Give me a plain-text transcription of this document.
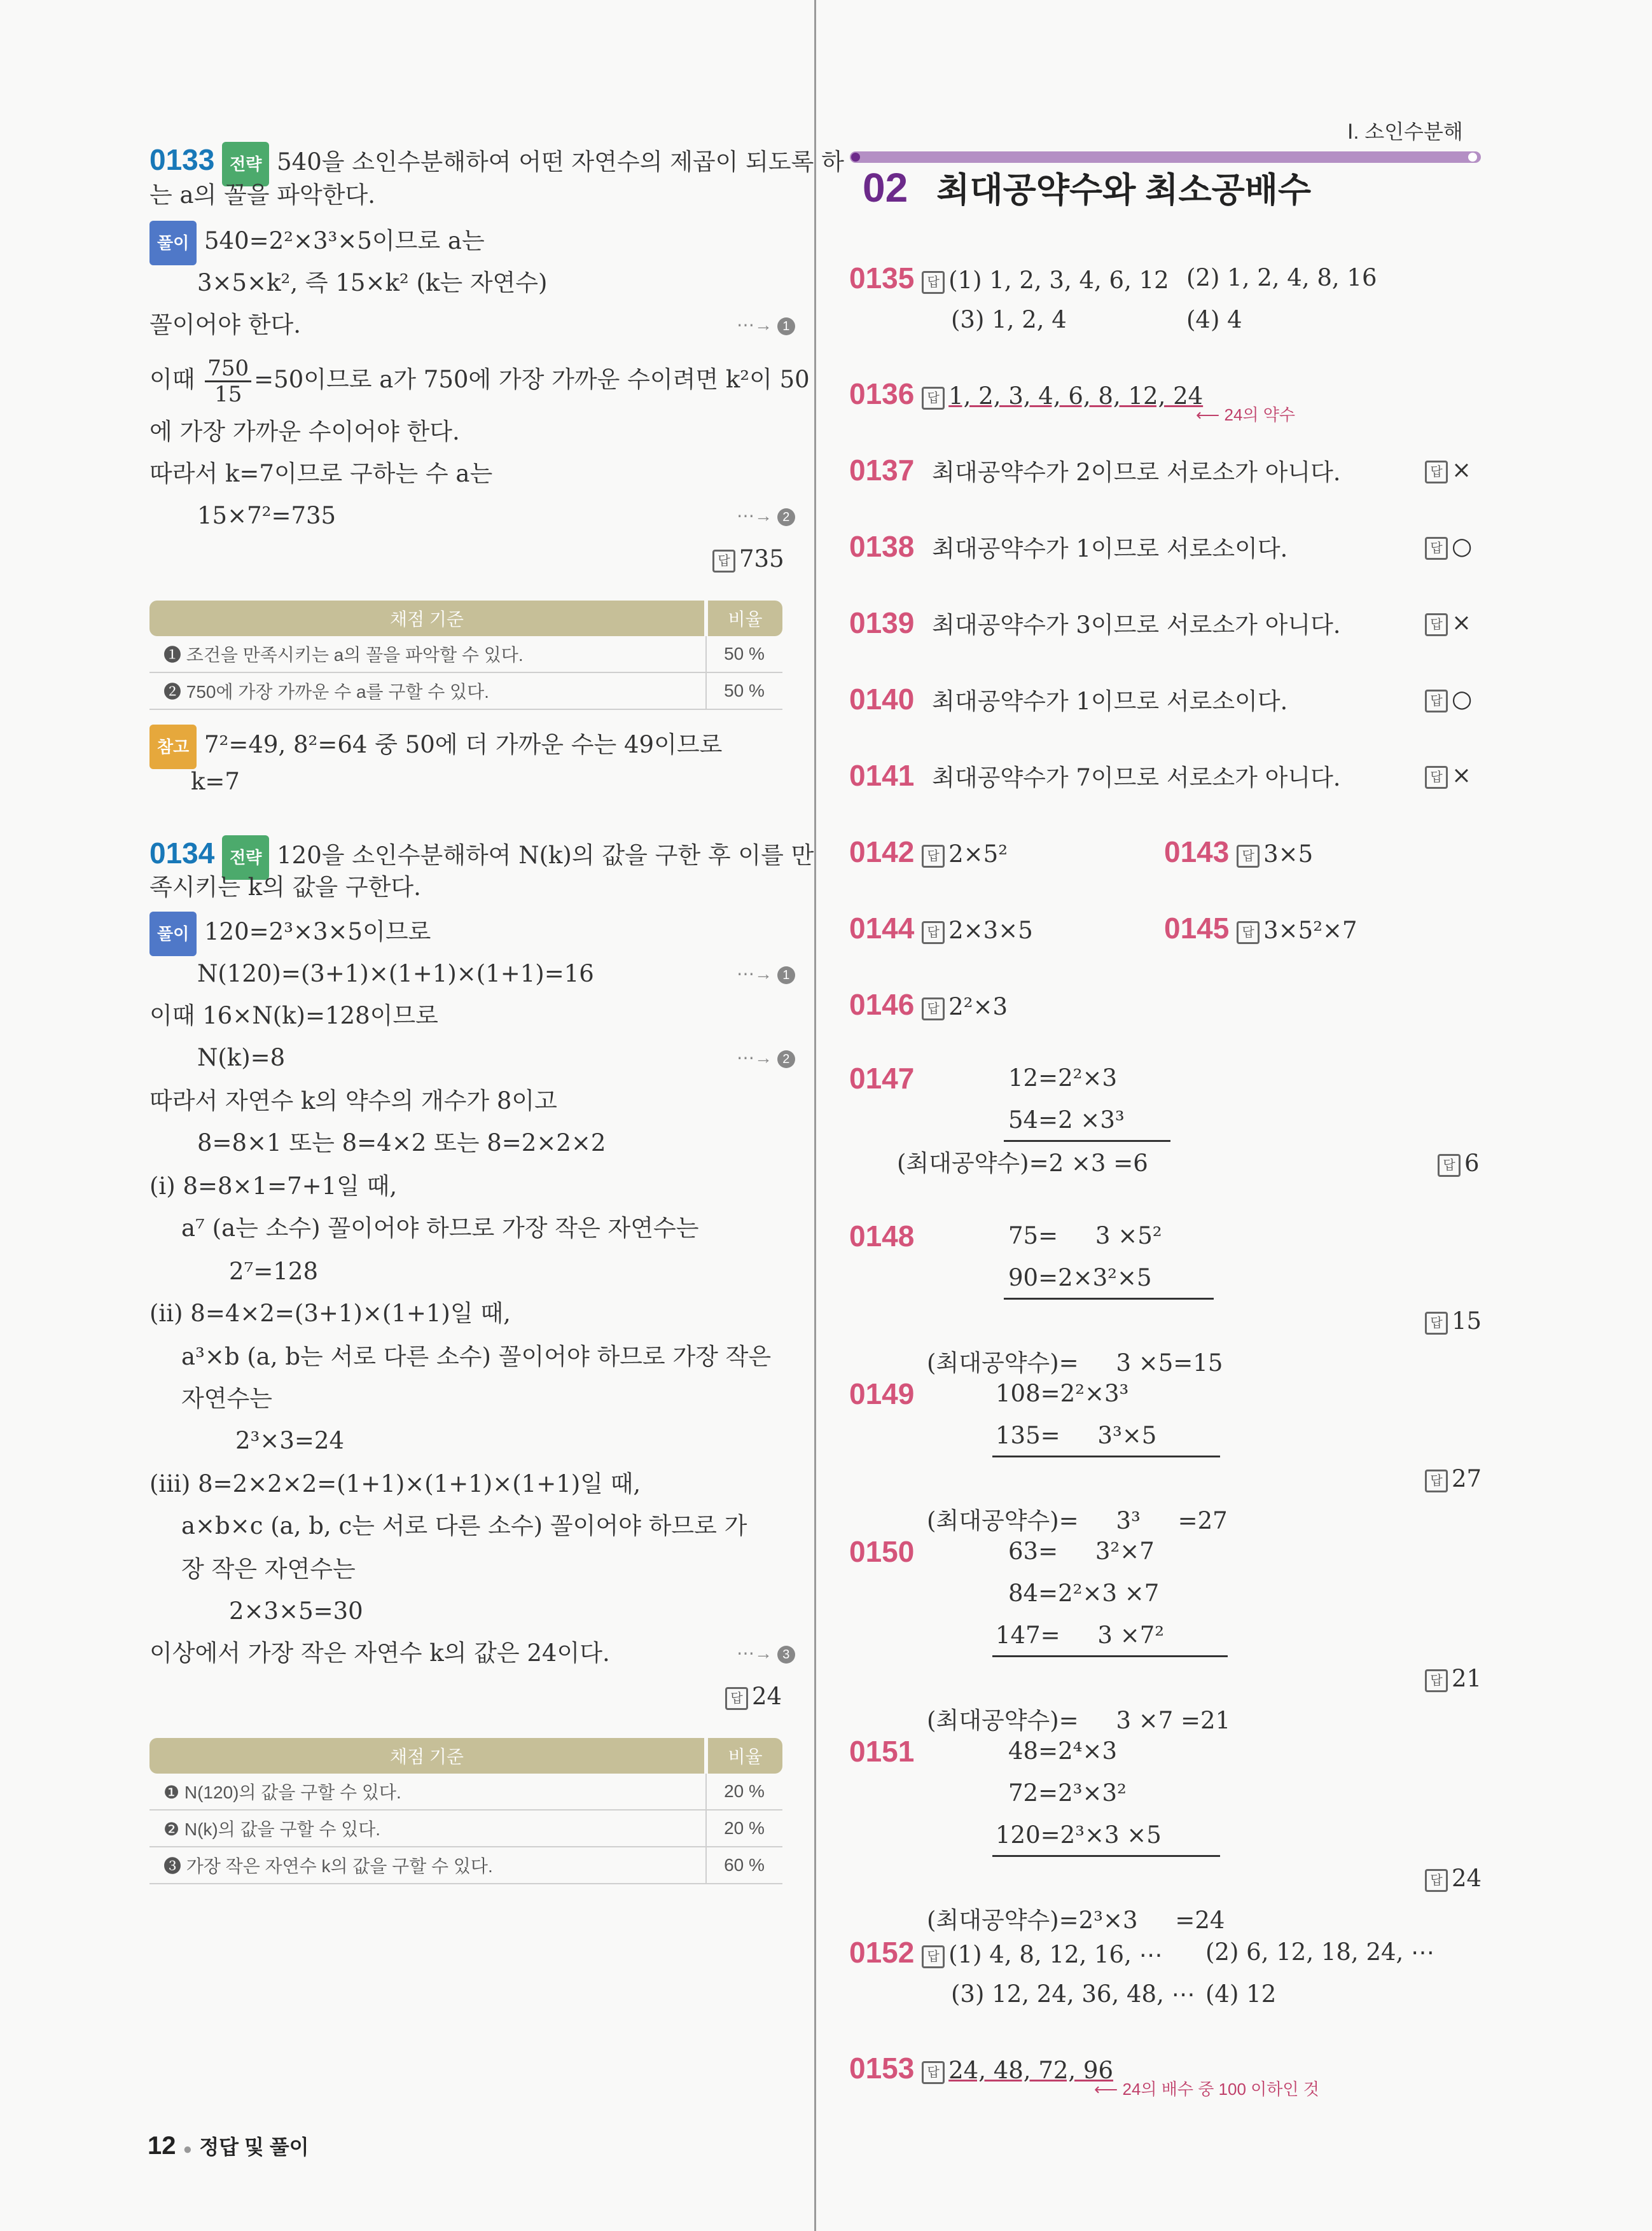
0133 전략 540을 소인수분해하여 어떤 자연수의 제곱이 되도록 하
는 a의 꼴을 파악한다.
풀이 540=2²×3³×5이므로 a는
3×5×k², 즉 15×k² (k는 자연수)
꼴이어야 한다.	⋯→ 1
이때 $\frac{750}{15} =50$이므로 a가 750에 가장 가까운 수이려면 k²이 50
에 가장 가까운 수이어야 한다.
따라서 k=7이므로 구하는 수 a는
15×7²=735	⋯→ 2
답 735
채점 기준	비율
❶ 조건을 만족시키는 a의 꼴을 파악할 수 있다.	50 %
❷ 750에 가장 가까운 수 a를 구할 수 있다.	50 %
참고 7²=49, 8²=64 중 50에 더 가까운 수는 49이므로
k=7
0134 전략 120을 소인수분해하여 N(k)의 값을 구한 후 이를 만
족시키는 k의 값을 구한다.
풀이 120=2³×3×5이므로
N(120)=(3+1)×(1+1)×(1+1)=16	⋯→ 1
이때 16×N(k)=128이므로
N(k)=8	⋯→ 2
따라서 자연수 k의 약수의 개수가 8이고
8=8×1 또는 8=4×2 또는 8=2×2×2
(i) 8=8×1=7+1일 때,
a⁷ (a는 소수) 꼴이어야 하므로 가장 작은 자연수는
2⁷=128
(ii) 8=4×2=(3+1)×(1+1)일 때,
a³×b (a, b는 서로 다른 소수) 꼴이어야 하므로 가장 작은
자연수는
2³×3=24
(iii) 8=2×2×2=(1+1)×(1+1)×(1+1)일 때,
a×b×c (a, b, c는 서로 다른 소수) 꼴이어야 하므로 가
장 작은 자연수는
2×3×5=30
이상에서 가장 작은 자연수 k의 값은 24이다.	⋯→ 3
답 24
채점 기준	비율
❶ N(120)의 값을 구할 수 있다.	20 %
❷ N(k)의 값을 구할 수 있다.	20 %
❸ 가장 작은 자연수 k의 값을 구할 수 있다.	60 %
12 ● 정답 및 풀이
Ⅰ. 소인수분해
02 최대공약수와 최소공배수
0135 답 (1) 1, 2, 3, 4, 6, 12 (2) 1, 2, 4, 8, 16
(3) 1, 2, 4	(4) 4
0136 답 1, 2, 3, 4, 6, 8, 12, 24
⟵ 24의 약수
0137 최대공약수가 2이므로 서로소가 아니다.	답 ×
0138 최대공약수가 1이므로 서로소이다.	답 ○
0139 최대공약수가 3이므로 서로소가 아니다.	답 ×
0140 최대공약수가 1이므로 서로소이다.	답 ○
0141 최대공약수가 7이므로 서로소가 아니다.	답 ×
0142 답 2×5²	0143 답 3×5
0144 답 2×3×5	0145 답 3×5²×7
0146 답 2²×3
0147	12=2²×3
54=2 ×3³
(최대공약수)=2 ×3 =6	답 6
0148	75=     3 ×5²
90=2×3²×5

(최대공약수)=     3 ×5=15

답 15
0149	108=2²×3³
135=     3³×5

(최대공약수)=     3³     =27

답 27
0150	63=     3²×7
84=2²×3 ×7
147=     3 ×7²

(최대공약수)=     3 ×7 =21

답 21
0151	48=2⁴×3
72=2³×3²
120=2³×3 ×5

(최대공약수)=2³×3     =24

답 24
0152 답 (1) 4, 8, 12, 16, ⋯ (2) 6, 12, 18, 24, ⋯
(3) 12, 24, 36, 48, ⋯ (4) 12
0153 답 24, 48, 72, 96
⟵ 24의 배수 중 100 이하인 것
